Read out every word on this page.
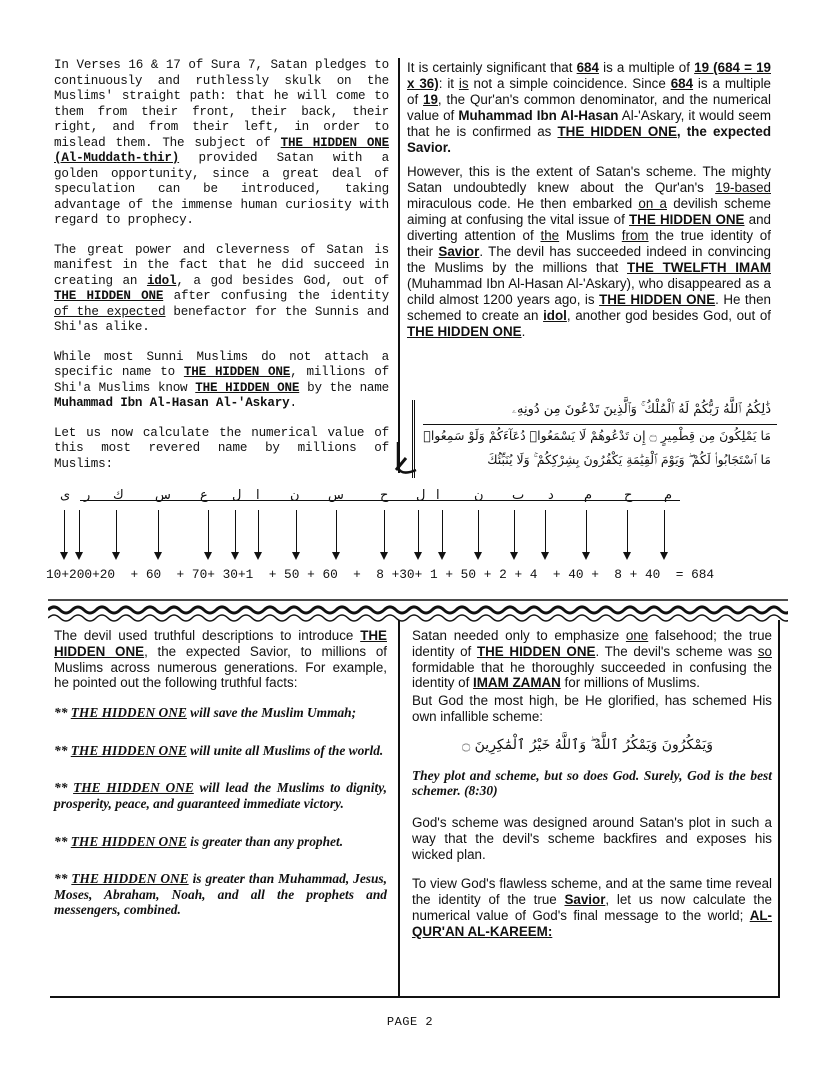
In Verses 16 & 17 of Sura 7, Satan pledges to continuously and ruthlessly skulk on the Muslims' straight path: that he will come to them from their front, their back, their right, and from their left, in order to mislead them. The subject of THE HIDDEN ONE (Al-Muddath-thir) provided Satan with a golden opportunity, since a great deal of speculation can be introduced, taking advantage of the immense human curiosity with regard to prophecy.

The great power and cleverness of Satan is manifest in the fact that he did succeed in creating an idol, a god besides God, out of THE HIDDEN ONE after confusing the identity of the expected benefactor for the Sunnis and Shi'as alike.

While most Sunni Muslims do not attach a specific name to THE HIDDEN ONE, millions of Shi'a Muslims know THE HIDDEN ONE by the name Muhammad Ibn Al-Hasan Al-'Askary.

Let us now calculate the numerical value of this most revered name by millions of Muslims:

It is certainly significant that 684 is a multiple of 19 (684 = 19 x 36): it is not a simple coincidence. Since 684 is a multiple of 19, the Qur'an's common denominator, and the numerical value of Muhammad Ibn Al-Hasan Al-'Askary, it would seem that he is confirmed as THE HIDDEN ONE, the expected Savior.

However, this is the extent of Satan's scheme. The mighty Satan undoubtedly knew about the Qur'an's 19-based miraculous code. He then embarked on a devilish scheme aiming at confusing the vital issue of THE HIDDEN ONE and diverting attention of the Muslims from the true identity of their Savior. The devil has succeeded indeed in convincing the Muslims by the millions that THE TWELFTH IMAM (Muhammad Ibn Al-Hasan Al-'Askary), who disappeared as a child almost 1200 years ago, is THE HIDDEN ONE. He then schemed to create an idol, another god besides God, out of THE HIDDEN ONE.

ذَٰلِكُمُ ٱللَّهُ رَبُّكُمْ لَهُ ٱلْمُلْكُ ۚ وَٱلَّذِينَ تَدْعُونَ مِن دُونِهِۦ
مَا يَمْلِكُونَ مِن قِطْمِيرٍ ۝ إِن تَدْعُوهُمْ لَا يَسْمَعُوا۟ دُعَآءَكُمْ وَلَوْ سَمِعُوا۟
مَا ٱسْتَجَابُوا۟ لَكُمْ ۖ وَيَوْمَ ٱلْقِيَٰمَةِ يَكْفُرُونَ بِشِرْكِكُمْ ۚ وَلَا يُنَبِّئُكَ
ى ر ك س ع ل ا ن س	ح ل ا	ن ب د م ح م
10+200+20  + 60  + 70+ 30+1  + 50 + 60  +  8 +30+ 1 + 50 + 2 + 4  + 40 +  8 + 40  = 684

The devil used truthful descriptions to introduce THE HIDDEN ONE, the expected Savior, to millions of Muslims across numerous generations. For example, he pointed out the following truthful facts:

** THE HIDDEN ONE will save the Muslim Ummah;

** THE HIDDEN ONE will unite all Muslims of the world.

** THE HIDDEN ONE will lead the Muslims to dignity, prosperity, peace, and guaranteed immediate victory.

** THE HIDDEN ONE is greater than any prophet.

** THE HIDDEN ONE is greater than Muhammad, Jesus, Moses, Abraham, Noah, and all the prophets and messengers, combined.

Satan needed only to emphasize one falsehood; the true identity of THE HIDDEN ONE. The devil's scheme was so formidable that he thoroughly succeeded in confusing the identity of IMAM ZAMAN for millions of Muslims.

But God the most high, be He glorified, has schemed His own infallible scheme:

وَيَمْكُرُونَ وَيَمْكُرُ ٱللَّهُ ۖ وَٱللَّهُ خَيْرُ ٱلْمَٰكِرِينَ ۝

They plot and scheme, but so does God. Surely, God is the best schemer. (8:30)

God's scheme was designed around Satan's plot in such a way that the devil's scheme backfires and exposes his wicked plan.

To view God's flawless scheme, and at the same time reveal the identity of the true Savior, let us now calculate the numerical value of God's final message to the world; AL-QUR'AN AL-KAREEM:

PAGE 2
